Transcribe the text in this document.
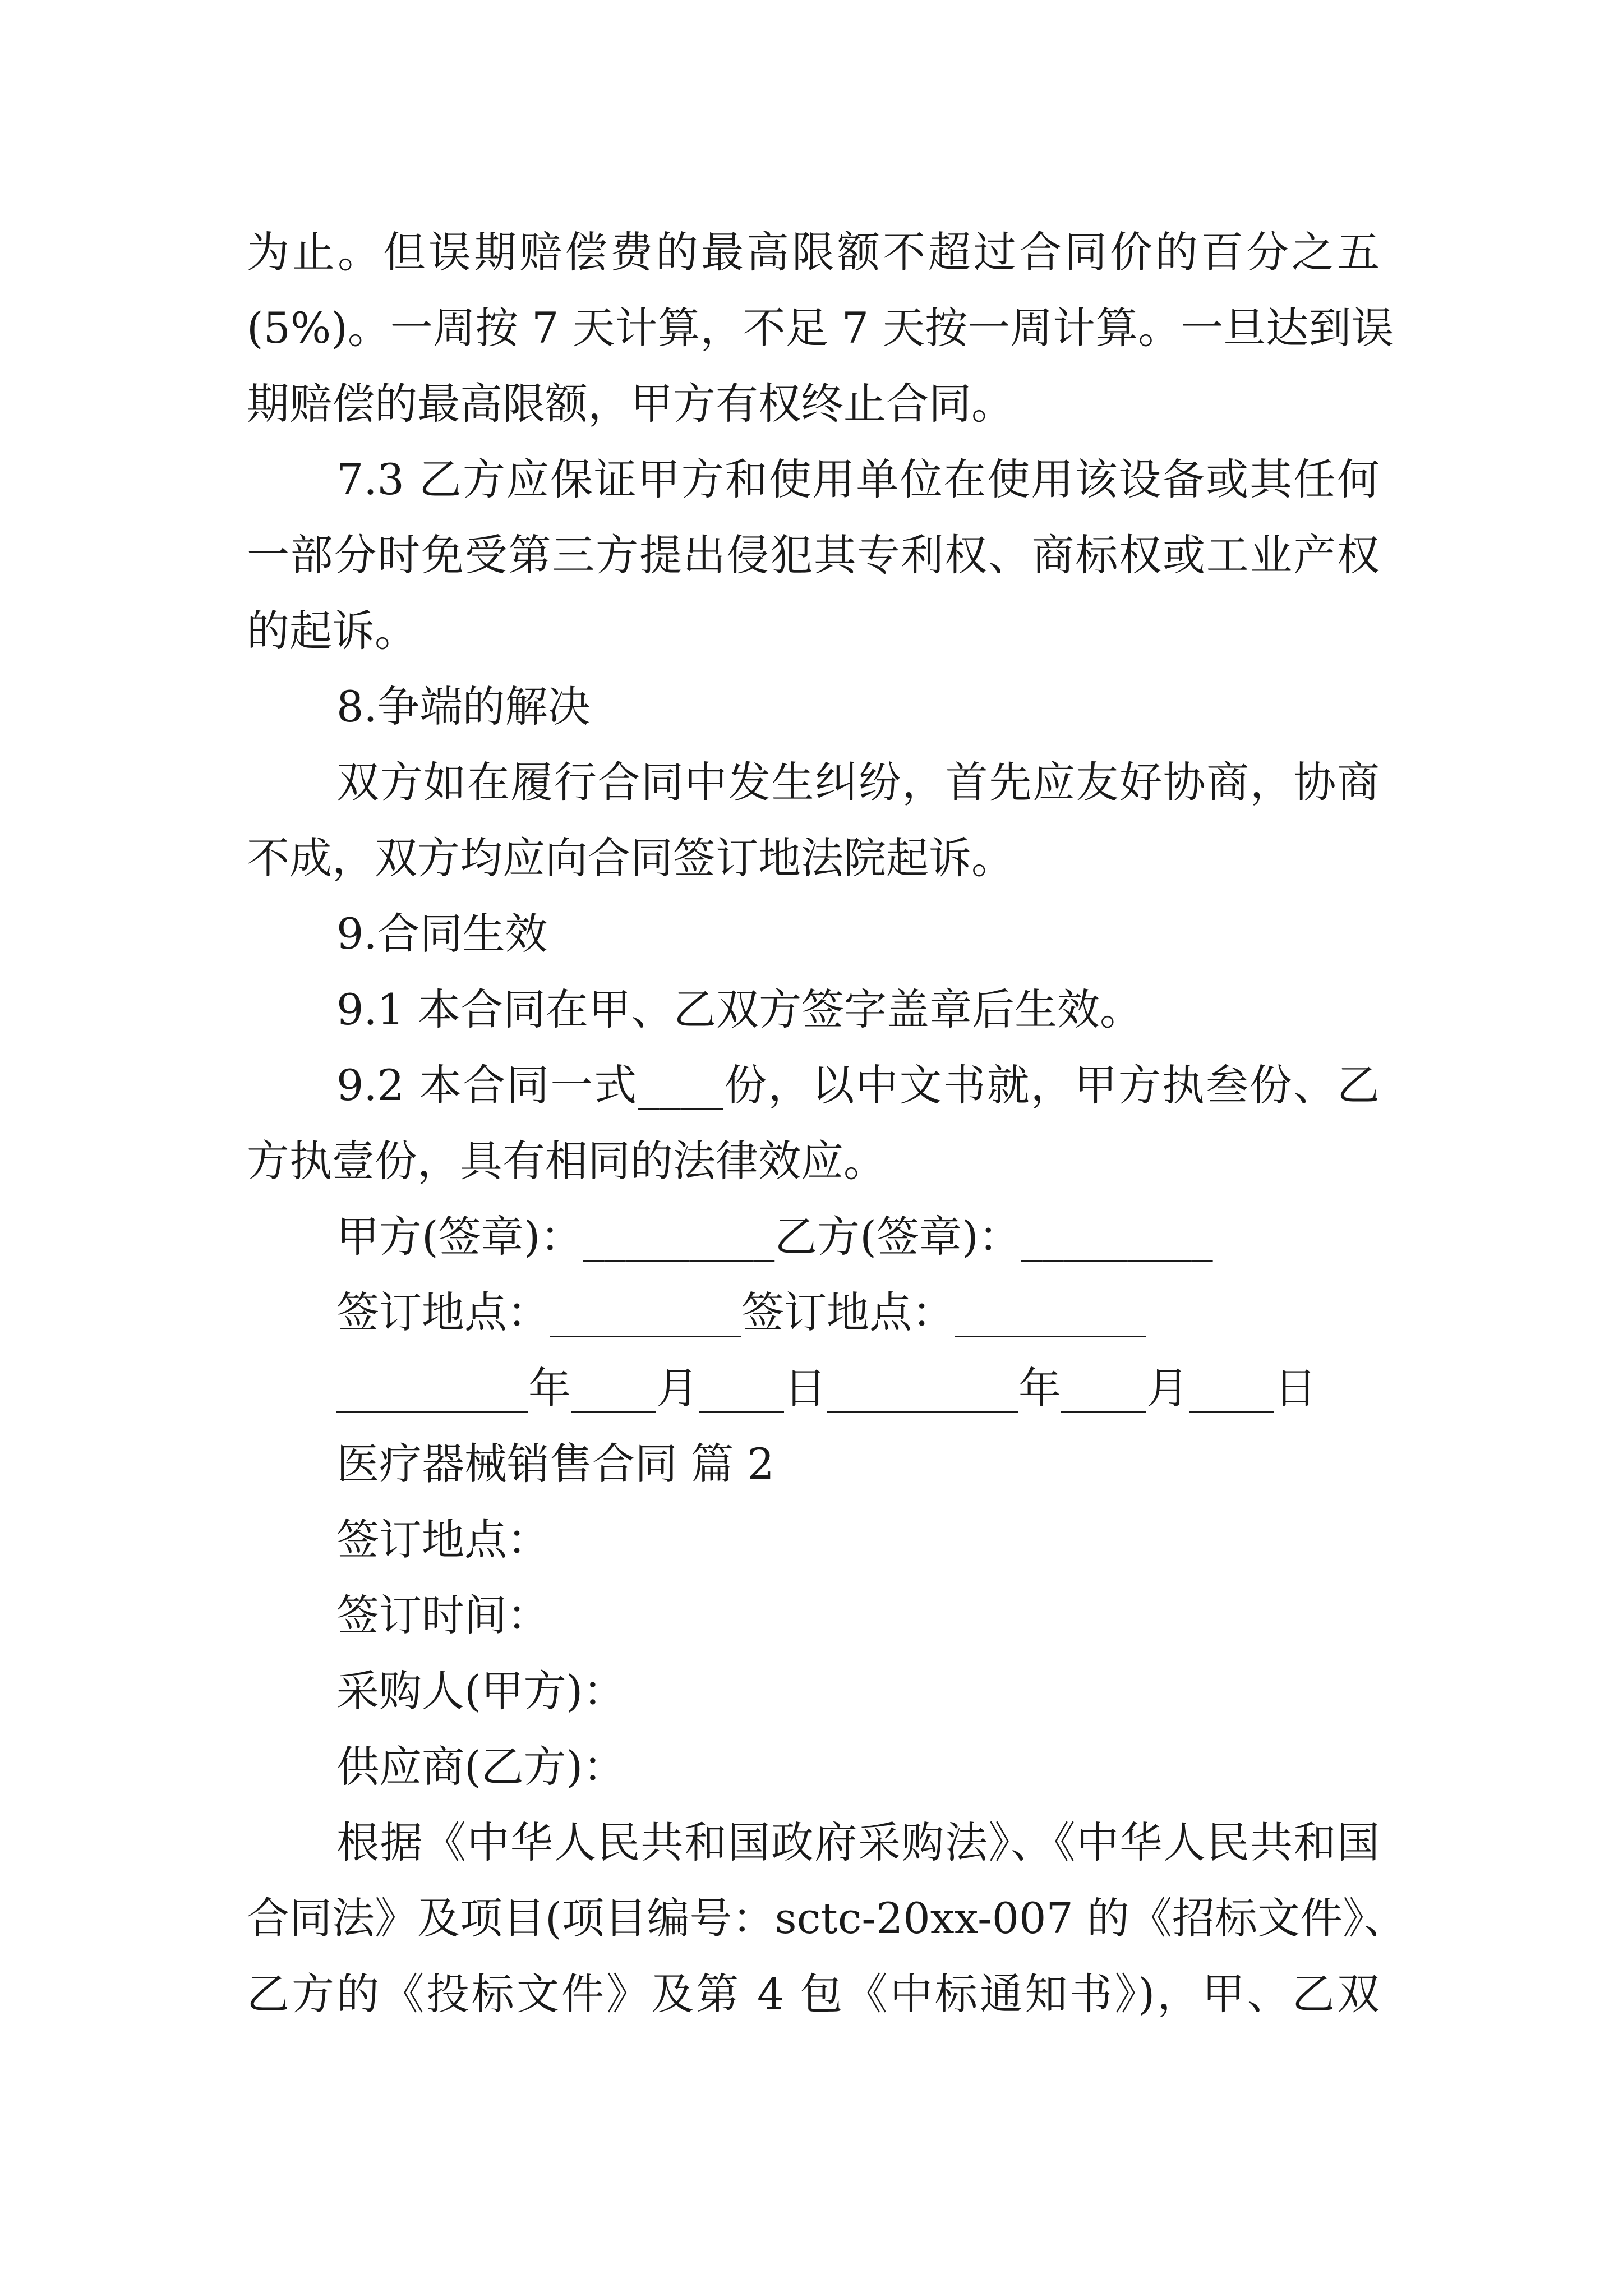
为止。但误期赔偿费的最高限额不超过合同价的百分之五
(5%)。一周按 7 天计算，不足 7 天按一周计算。一旦达到误
期赔偿的最高限额，甲方有权终止合同。
7.3 乙方应保证甲方和使用单位在使用该设备或其任何
一部分时免受第三方提出侵犯其专利权、商标权或工业产权
的起诉。
8.争端的解决
双方如在履行合同中发生纠纷，首先应友好协商，协商
不成，双方均应向合同签订地法院起诉。
9.合同生效
9.1 本合同在甲、乙双方签字盖章后生效。
9.2 本合同一式____份，以中文书就，甲方执叁份、乙
方执壹份，具有相同的法律效应。
甲方(签章)：_________乙方(签章)：_________
签订地点：_________签订地点：_________
_________年____月____日_________年____月____日
医疗器械销售合同 篇 2
签订地点：
签订时间：
采购人(甲方)：
供应商(乙方)：
根据《中华人民共和国政府采购法》、《中华人民共和国
合同法》及项目(项目编号：sctc-20xx-007 的《招标文件》、
乙方的《投标文件》及第 4 包《中标通知书》)，甲、乙双
